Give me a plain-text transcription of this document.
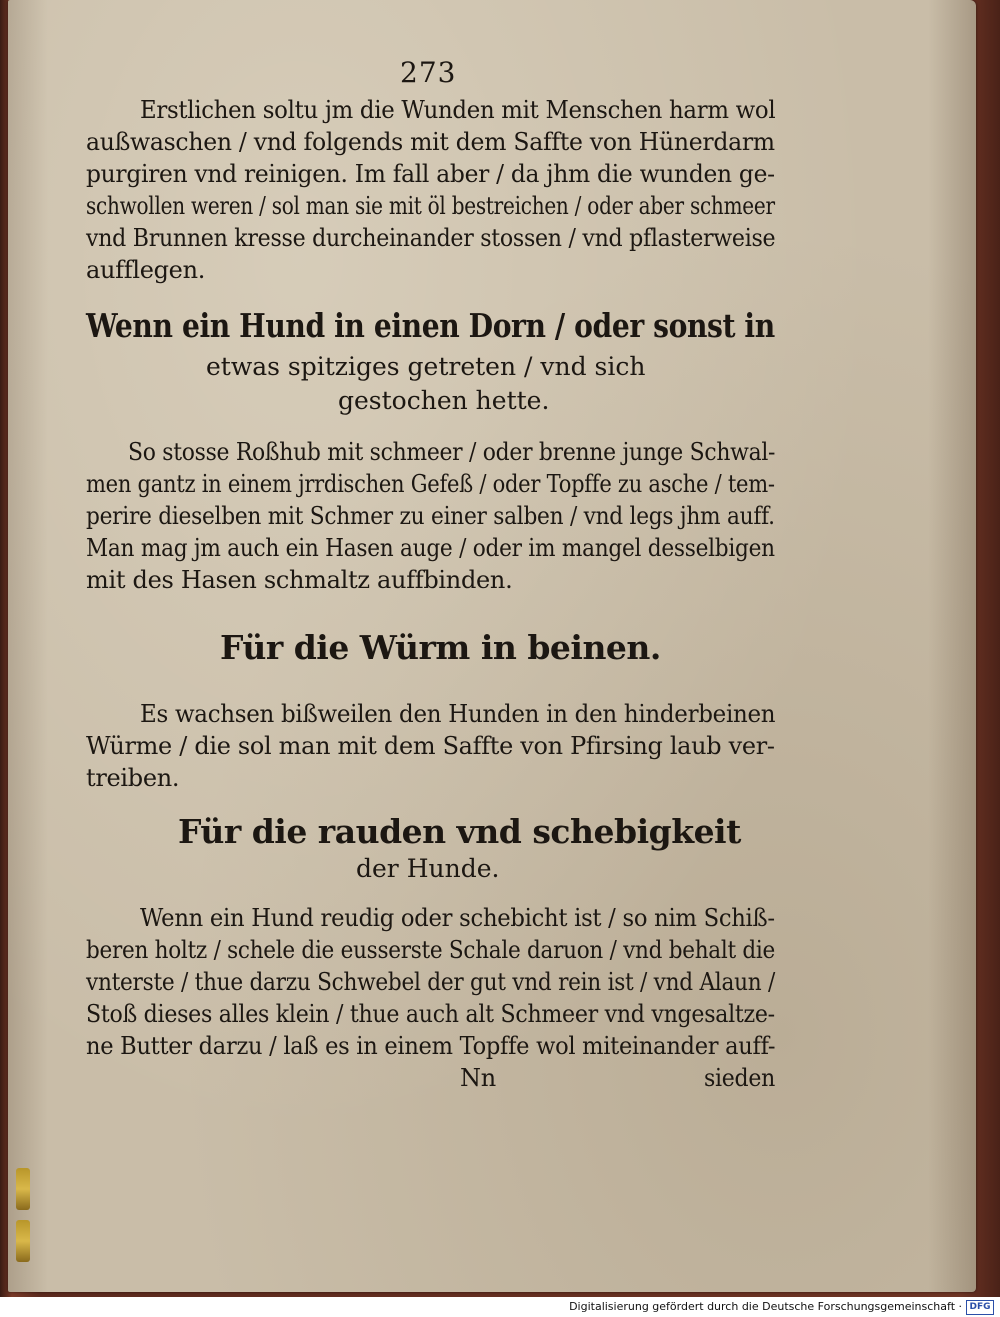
273
Erstlichen soltu jm die Wunden mit Menschen harm wol
außwaschen / vnd folgends mit dem Saffte von Hünerdarm
purgiren vnd reinigen. Im fall aber / da jhm die wunden ge-
schwollen weren / sol man sie mit öl bestreichen / oder aber schmeer
vnd Brunnen kresse durcheinander stossen / vnd pflasterweise
aufflegen.
Wenn ein Hund in einen Dorn / oder sonst in
etwas spitziges getreten / vnd sich
gestochen hette.
So stosse Roßhub mit schmeer / oder brenne junge Schwal-
men gantz in einem jrrdischen Gefeß / oder Topffe zu asche / tem-
perire dieselben mit Schmer zu einer salben / vnd legs jhm auff.
Man mag jm auch ein Hasen auge / oder im mangel desselbigen
mit des Hasen schmaltz auffbinden.
Für die Würm in beinen.
Es wachsen bißweilen den Hunden in den hinderbeinen
Würme / die sol man mit dem Saffte von Pfirsing laub ver-
treiben.
Für die rauden vnd schebigkeit
der Hunde.
Wenn ein Hund reudig oder schebicht ist / so nim Schiß-
beren holtz / schele die eusserste Schale daruon / vnd behalt die
vnterste / thue darzu Schwebel der gut vnd rein ist / vnd Alaun /
Stoß dieses alles klein / thue auch alt Schmeer vnd vngesaltze-
ne Butter darzu / laß es in einem Topffe wol miteinander auff-
Nn	sieden
Digitalisierung gefördert durch die Deutsche Forschungsgemeinschaft · DFG
